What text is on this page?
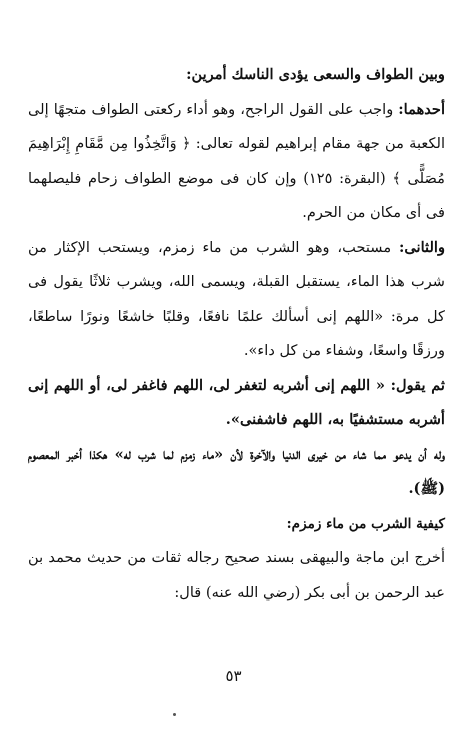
وبين الطواف والسعى يؤدى الناسك أمرين:

أحدهما: واجب على القول الراجح، وهو أداء ركعتى الطواف متجهًا إلى الكعبة من جهة مقام إبراهيم لقوله تعالى: ﴿ وَاتَّخِذُوا مِن مَّقَامِ إِبْرَاهِيمَ مُصَلًّى ﴾ (البقرة: ١٢٥) وإن كان فى موضع الطواف زحام فليصلهما فى أى مكان من الحرم.

والثانى: مستحب، وهو الشرب من ماء زمزم، ويستحب الإكثار من شرب هذا الماء، يستقبل القبلة، ويسمى الله، ويشرب ثلاثًا يقول فى كل مرة: «اللهم إنى أسألك علمًا نافعًا، وقلبًا خاشعًا ونورًا ساطعًا، ورزقًا واسعًا، وشفاء من كل داء».

ثم يقول: « اللهم إنى أشربه لتغفر لى، اللهم فاغفر لى، أو اللهم إنى أشربه مستشفيًا به، اللهم فاشفنى».

وله أن يدعو مما شاء من خيرى الدنيا والآخرة لأن «ماء زمزم لما شرب له» هكذا أخبر المعصوم (ﷺ).

كيفية الشرب من ماء زمزم:

أخرج ابن ماجة والبيهقى بسند صحيح رجاله ثقات من حديث محمد بن عبد الرحمن بن أبى بكر (رضي الله عنه) قال:

٥٣
